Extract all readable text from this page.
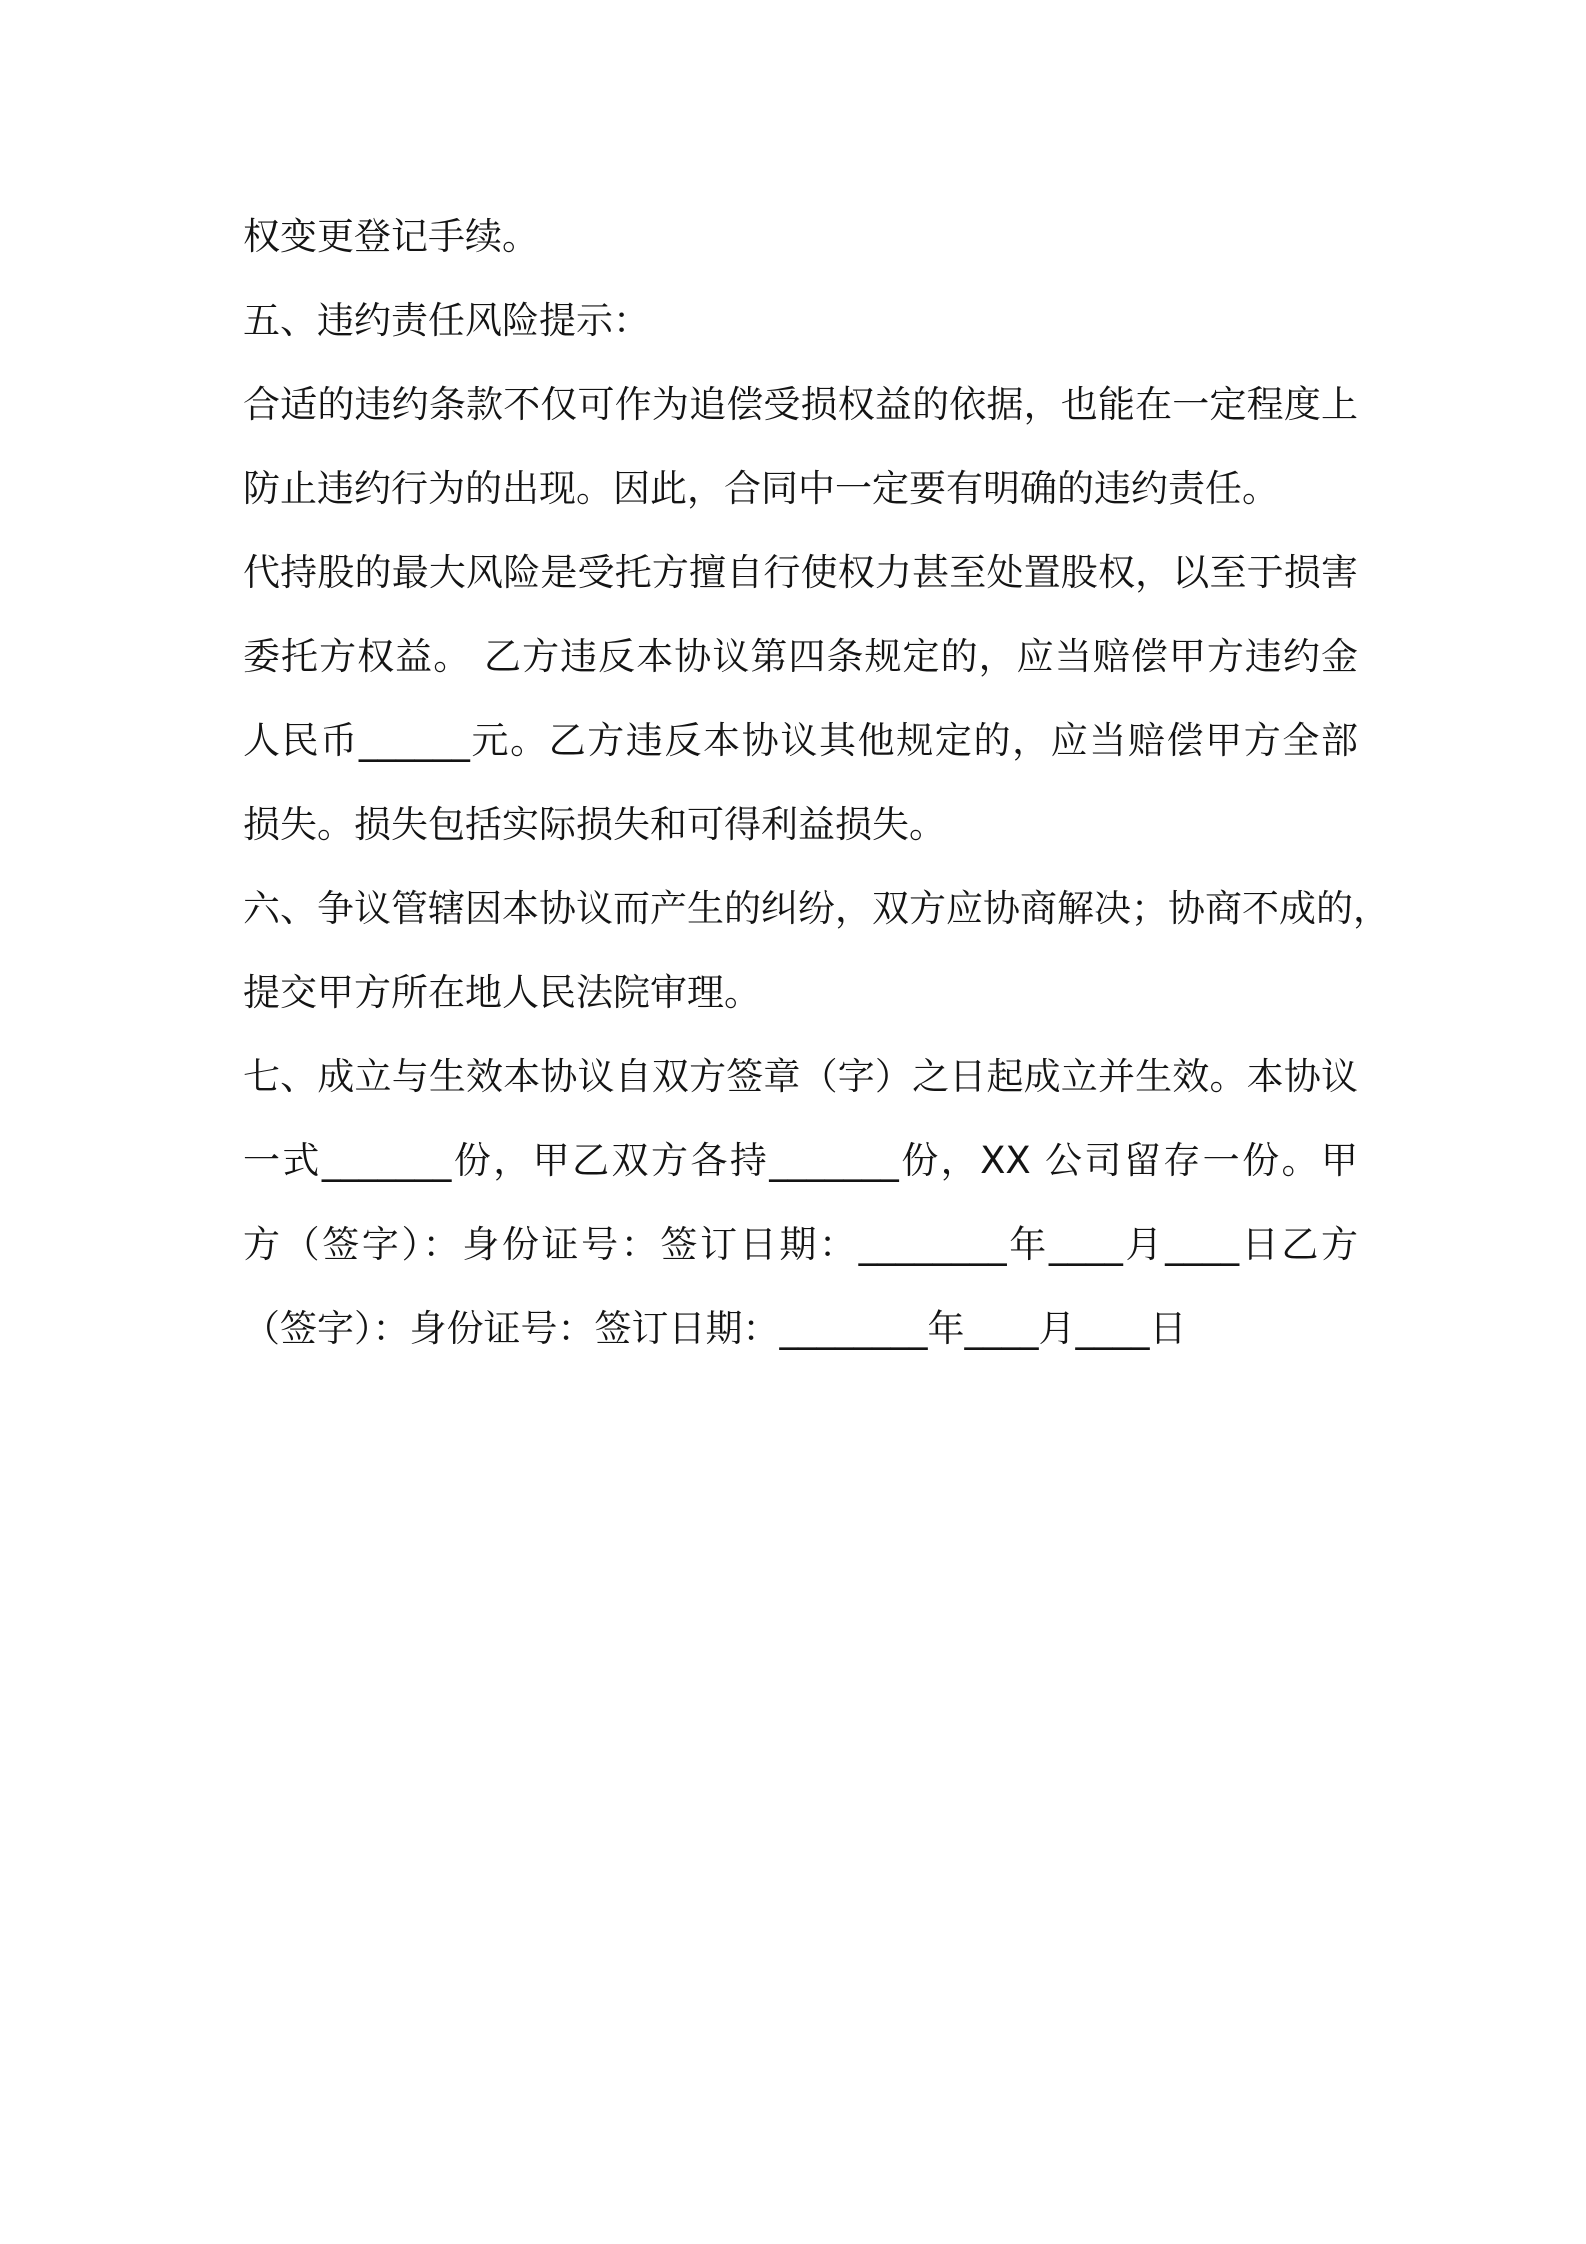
权变更登记手续。
五、违约责任风险提示：
合适的违约条款不仅可作为追偿受损权益的依据，也能在一定程度上
防止违约行为的出现。因此，合同中一定要有明确的违约责任。
代持股的最大风险是受托方擅自行使权力甚至处置股权，以至于损害
委托方权益。 乙方违反本协议第四条规定的，应当赔偿甲方违约金
人民币______元。乙方违反本协议其他规定的，应当赔偿甲方全部
损失。损失包括实际损失和可得利益损失。
六、争议管辖因本协议而产生的纠纷，双方应协商解决；协商不成的，
提交甲方所在地人民法院审理。
七、成立与生效本协议自双方签章（字）之日起成立并生效。本协议
一式_______份，甲乙双方各持_______份，XX 公司留存一份。甲
方（签字）：身份证号：签订日期：________年____月____日乙方
（签字）：身份证号：签订日期：________年____月____日
